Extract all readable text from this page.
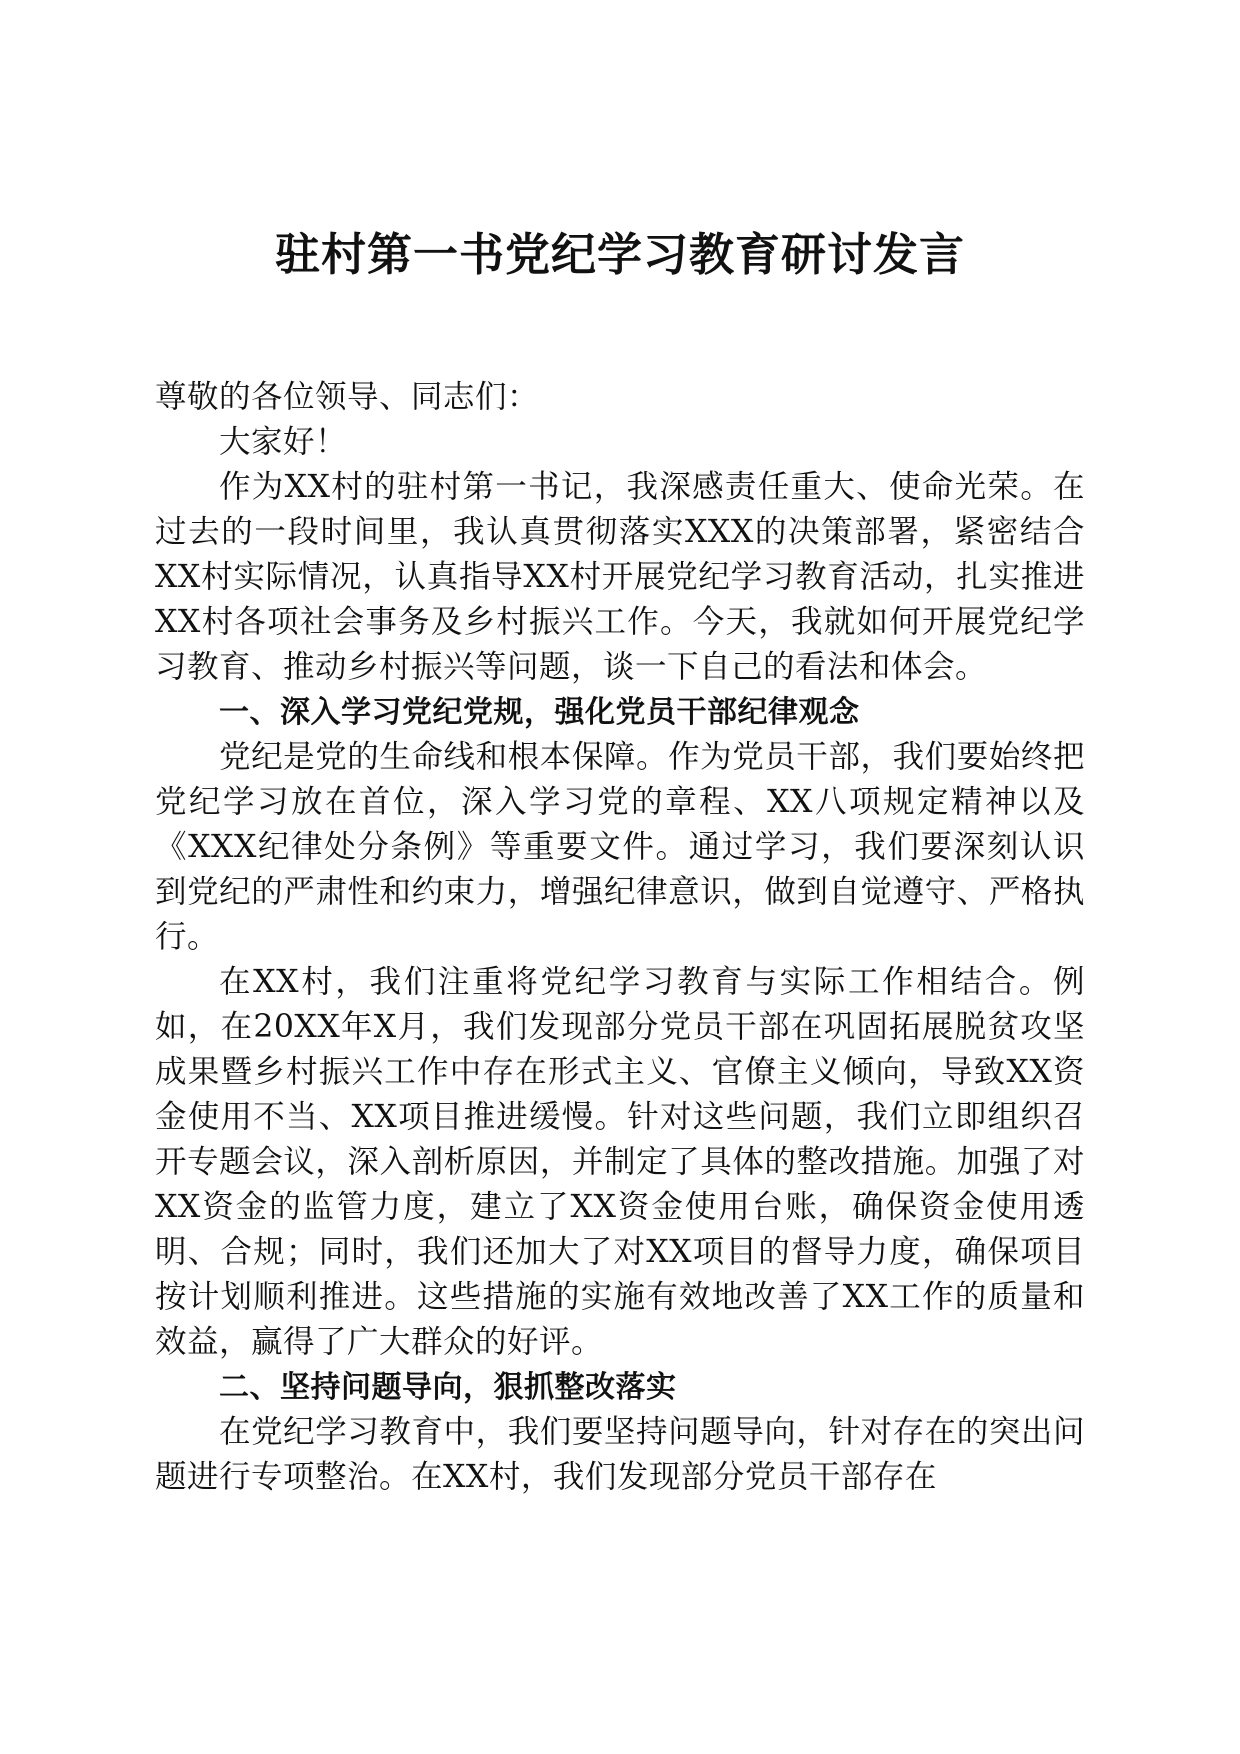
驻村第一书党纪学习教育研讨发言

尊敬的各位领导、同志们：

大家好！

作为XX村的驻村第一书记，我深感责任重大、使命光荣。在过去的一段时间里，我认真贯彻落实XXX的决策部署，紧密结合XX村实际情况，认真指导XX村开展党纪学习教育活动，扎实推进XX村各项社会事务及乡村振兴工作。今天，我就如何开展党纪学习教育、推动乡村振兴等问题，谈一下自己的看法和体会。

一、深入学习党纪党规，强化党员干部纪律观念

党纪是党的生命线和根本保障。作为党员干部，我们要始终把党纪学习放在首位，深入学习党的章程、XX八项规定精神以及《XXX纪律处分条例》等重要文件。通过学习，我们要深刻认识到党纪的严肃性和约束力，增强纪律意识，做到自觉遵守、严格执行。

在XX村，我们注重将党纪学习教育与实际工作相结合。例如，在20XX年X月，我们发现部分党员干部在巩固拓展脱贫攻坚成果暨乡村振兴工作中存在形式主义、官僚主义倾向，导致XX资金使用不当、XX项目推进缓慢。针对这些问题，我们立即组织召开专题会议，深入剖析原因，并制定了具体的整改措施。加强了对XX资金的监管力度，建立了XX资金使用台账，确保资金使用透明、合规；同时，我们还加大了对XX项目的督导力度，确保项目按计划顺利推进。这些措施的实施有效地改善了XX工作的质量和效益，赢得了广大群众的好评。

二、坚持问题导向，狠抓整改落实

在党纪学习教育中，我们要坚持问题导向，针对存在的突出问题进行专项整治。在XX村，我们发现部分党员干部存在
